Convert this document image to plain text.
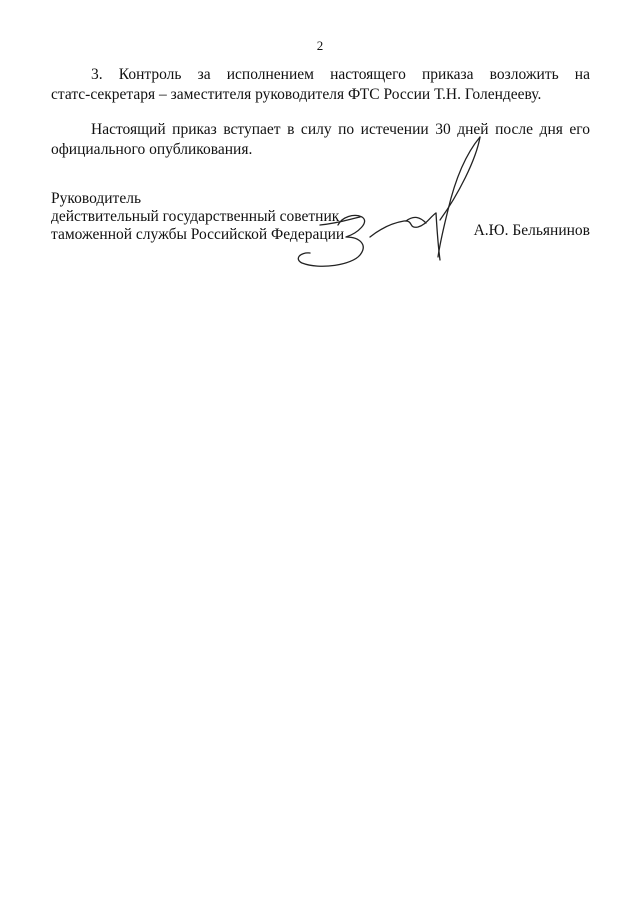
2
3. Контроль за исполнением настоящего приказа возложить на
статс-секретаря – заместителя руководителя ФТС России Т.Н. Голендееву.
Настоящий приказ вступает в силу по истечении 30 дней после дня его
официального опубликования.
Руководитель
действительный государственный советник
таможенной службы Российской Федерации	А.Ю. Бельянинов
